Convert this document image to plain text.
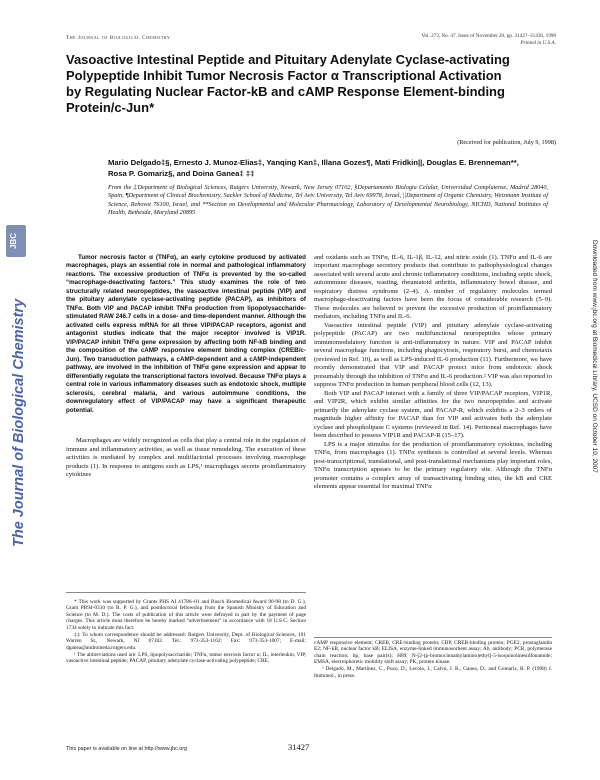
The Journal of Biological Chemistry	Vol. 273, No. 47, Issue of November 20, pp. 31427–31436, 1998
Printed in U.S.A.
Vasoactive Intestinal Peptide and Pituitary Adenylate Cyclase-activating Polypeptide Inhibit Tumor Necrosis Factor α Transcriptional Activation by Regulating Nuclear Factor-kB and cAMP Response Element-binding Protein/c-Jun*
(Received for publication, July 9, 1998)
Mario Delgado‡§, Ernesto J. Munoz-Elias‡, Yanqing Kan‡, Illana Gozes¶, Mati Fridkin||, Douglas E. Brenneman**, Rosa P. Gomariz§, and Doina Ganea‡ ‡‡
From the ‡Department of Biological Sciences, Rutgers University, Newark, New Jersey 07102, §Departamento Biologia Celular, Universidad Complutense, Madrid 28040, Spain, ¶Department of Clinical Biochemistry, Sackler School of Medicine, Tel Aviv University, Tel Aviv 69978, Israel, ||Department of Organic Chemistry, Weizmann Institute of Science, Rehovot 76100, Israel, and **Section on Developmental and Molecular Pharmacology, Laboratory of Developmental Neurobiology, NICHD, National Institutes of Health, Bethesda, Maryland 20895
JBC
The Journal of Biological Chemistry	Downloaded from www.jbc.org at Biomedical Library, UCSD on October 10, 2007

Tumor necrosis factor α (TNFα), an early cytokine produced by activated macrophages, plays an essential role in normal and pathological inflammatory reactions. The excessive production of TNFα is prevented by the so-called “macrophage-deactivating factors.” This study examines the role of two structurally related neuropeptides, the vasoactive intestinal peptide (VIP) and the pituitary adenylate cyclase-activating peptide (PACAP), as inhibitors of TNFα. Both VIP and PACAP inhibit TNFα production from lipopolysaccharide-stimulated RAW 246.7 cells in a dose- and time-dependent manner. Although the activated cells express mRNA for all three VIP/PACAP receptors, agonist and antagonist studies indicate that the major receptor involved is VIP1R. VIP/PACAP inhibit TNFα gene expression by affecting both NF-kB binding and the composition of the cAMP responsive element binding complex (CREB/c-Jun). Two transduction pathways, a cAMP-dependent and a cAMP-independent pathway, are involved in the inhibition of TNFα gene expression and appear to differentially regulate the transcriptional factors involved. Because TNFα plays a central role in various inflammatory diseases such as endotoxic shock, multiple sclerosis, cerebral malaria, and various autoimmune conditions, the downregulatory effect of VIP/PACAP may have a significant therapeutic potential.

Macrophages are widely recognized as cells that play a central role in the regulation of immune and inflammatory activities, as well as tissue remodeling. The execution of these activities is mediated by complex and multifactorial processes involving macrophage products (1). In response to antigens such as LPS,¹ macrophages secrete proinflammatory cytokines

* This work was supported by Grants PHS AI 41786–01 and Busch Biomedical Award 96-98 (to D. G.), Grant PB94-0310 (to R. P. G.), and postdoctoral fellowship from the Spanish Ministry of Education and Science (to M. D.). The costs of publication of this article were defrayed in part by the payment of page charges. This article must therefore be hereby marked “advertisement” in accordance with 18 U.S.C. Section 1734 solely to indicate this fact.

‡‡ To whom correspondence should be addressed: Rutgers University, Dept. of Biological Sciences, 101 Warren St., Newark, NJ 07102. Tel.: 973-353-1162; Fax: 973-353-1007; E-mail: dganea@andromeda.rutgers.edu.

¹ The abbreviations used are: LPS, lipopolysaccharide; TNFα, tumor necrosis factor α; IL, interleukin; VIP, vasoactive intestinal peptide; PACAP, pituitary adenylate cyclase-activating polypeptide; CRE,

and oxidants such as TNFα, IL-6, IL-1β, IL-12, and nitric oxide (1). TNFα and IL-6 are important macrophage secretory products that contribute to pathophysiological changes associated with several acute and chronic inflammatory conditions, including septic shock, autoimmune diseases, wasting, rheumatoid arthritis, inflammatory bowel disease, and respiratory distress syndrome (2–4). A number of regulatory molecules termed macrophage-deactivating factors have been the focus of considerable research (5–9). These molecules are believed to prevent the excessive production of proinflammatory mediators, including TNFα and IL-6.

Vasoactive intestinal peptide (VIP) and pituitary adenylate cyclase-activating polypeptide (PACAP) are two multifunctional neuropeptides whose primary immunomodulatory function is anti-inflammatory in nature. VIP and PACAP inhibit several macrophage functions, including phagocytosis, respiratory burst, and chemotaxis (reviewed in Ref. 10), as well as LPS-induced IL-6 production (11). Furthermore, we have recently demonstrated that VIP and PACAP protect mice from endotoxic shock presumably through the inhibition of TNFα and IL-6 production.² VIP was also reported to suppress TNFα production in human peripheral blood cells (12, 13).

Both VIP and PACAP interact with a family of three VIP/PACAP receptors, VIP1R, and VIP2R, which exhibit similar affinities for the two neuropeptides and activate primarily the adenylate cyclase system, and PACAP-R, which exhibits a 2–3 orders of magnitude higher affinity for PACAP than for VIP and activates both the adenylate cyclase and phospholipase C systems (reviewed in Ref. 14). Peritoneal macrophages have been described to possess VIP1R and PACAP-R (15–17).

LPS is a major stimulus for the production of proinflammatory cytokines, including TNFα, from macrophages (1). TNFα synthesis is controlled at several levels. Whereas post-transcriptional, translational, and post-translational mechanisms play important roles, TNFα transcription appears to be the primary regulatory site. Although the TNFα promoter contains a complex array of transactivating binding sites, the kB and CRE elements appear essential for maximal TNFα

cAMP responsive element; CREB, CRE-binding protein; CBP, CREB-binding protein; PGE2, prostaglandin E2; NF-kB, nuclear factor kB; ELISA, enzyme-linked immunosorbent assay; Ab, antibody; PCR, polymerase chain reaction; bp, base pair(s); H89, N-[2-(p-bromocinnamylamino)ethyl]-5-isoquinolinesulfonamide; EMSA, electrophoretic mobility shift assay; PK, protein kinase.

² Delgado, M., Martinez, C., Pozo, D., Lecota, J., Calvo, J. R., Ganea, D., and Gomariz, R. P. (1998) J. Immunol., in press.

This paper is available on line at http://www.jbc.org	31427
